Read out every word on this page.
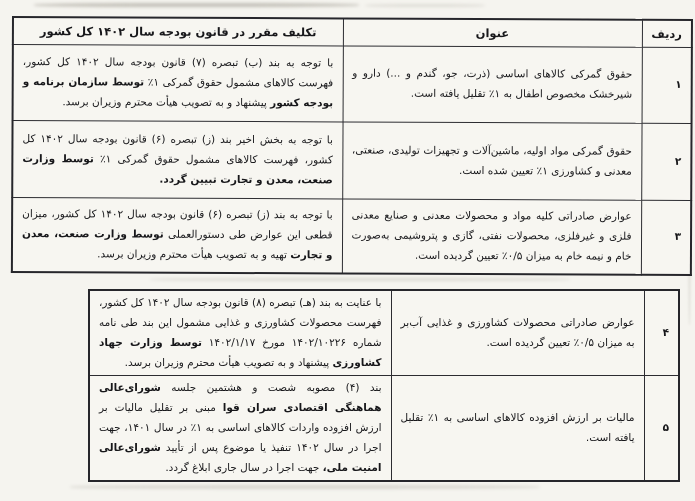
ردیف	عنوان	تکلیف مقرر در قانون بودجه سال ۱۴۰۲ کل کشور
۱	حقوق گمرکی کالاهای اساسی (ذرت، جو، گندم و ...) دارو و شیرخشک مخصوص اطفال به ۱٪ تقلیل یافته است.	با توجه به بند (ب) تبصره (۷) قانون بودجه سال ۱۴۰۲ کل کشور، فهرست کالاهای مشمول حقوق گمرکی ۱٪ توسط سازمان برنامه و بودجه کشور پیشنهاد و به تصویب هیأت محترم وزیران برسد.
۲	حقوق گمرکی مواد اولیه، ماشین‌آلات و تجهیزات تولیدی، صنعتی، معدنی و کشاورزی ۱٪ تعیین شده است.	با توجه به بخش اخیر بند (ز) تبصره (۶) قانون بودجه سال ۱۴۰۲ کل کشور، فهرست کالاهای مشمول حقوق گمرکی ۱٪ توسط وزارت صنعت، معدن و تجارت تبیین گردد.
۳	عوارض صادراتی کلیه مواد و محصولات معدنی و صنایع معدنی فلزی و غیرفلزی، محصولات نفتی، گازی و پتروشیمی به‌صورت خام و نیمه خام به میزان ۰/۵٪ تعیین گردیده است.	با توجه به بند (ز) تبصره (۶) قانون بودجه سال ۱۴۰۲ کل کشور، میزان قطعی این عوارض طی دستورالعملی توسط وزارت صنعت، معدن و تجارت تهیه و به تصویب هیأت محترم وزیران برسد.
۴	عوارض صادراتی محصولات کشاورزی و غذایی آب‌بر به میزان ۰/۵٪ تعیین گردیده است.	با عنایت به بند (هـ) تبصره (۸) قانون بودجه سال ۱۴۰۲ کل کشور، فهرست محصولات کشاورزی و غذایی مشمول این بند طی نامه شماره ۱۴۰۲/۱۰۲۲۶ مورخ ۱۴۰۲/۱/۱۷ توسط وزارت جهاد کشاورزی پیشنهاد و به تصویب هیأت محترم وزیران برسد.
۵	مالیات بر ارزش افزوده کالاهای اساسی به ۱٪ تقلیل یافته است.	بند (۴) مصوبه شصت و هشتمین جلسه شورای‌عالی هماهنگی اقتصادی سران قوا مبنی بر تقلیل مالیات بر ارزش افزوده واردات کالاهای اساسی به ۱٪ در سال ۱۴۰۱، جهت اجرا در سال ۱۴۰۲ تنفیذ یا موضوع پس از تأیید شورای‌عالی امنیت ملی، جهت اجرا در سال جاری ابلاغ گردد.
